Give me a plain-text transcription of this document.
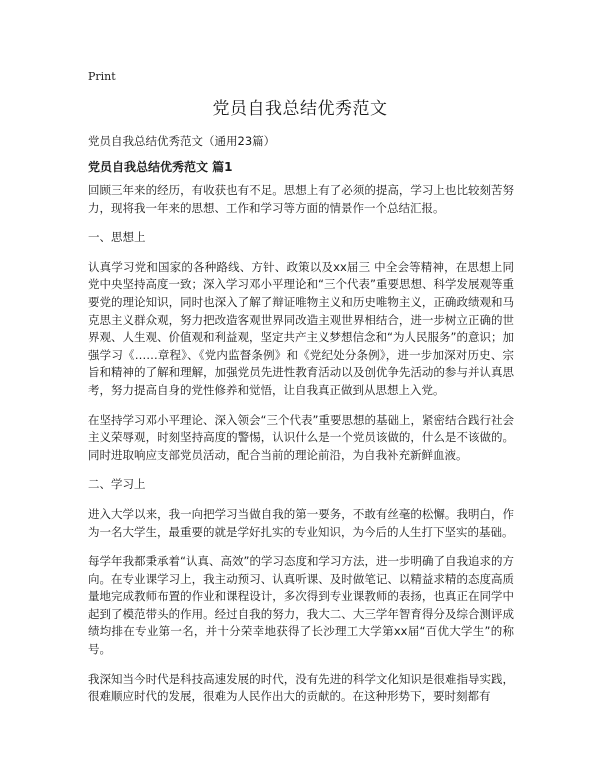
Print
党员自我总结优秀范文

党员自我总结优秀范文（通用23篇）

党员自我总结优秀范文 篇1

回顾三年来的经历，有收获也有不足。思想上有了必须的提高，学习上也比较刻苦努力，现将我一年来的思想、工作和学习等方面的情景作一个总结汇报。

一、思想上

认真学习党和国家的各种路线、方针、政策以及xx届三 中全会等精神，在思想上同党中央坚持高度一致；深入学习邓小平理论和“三个代表”重要思想、科学发展观等重要党的理论知识，同时也深入了解了辩证唯物主义和历史唯物主义，正确政绩观和马克思主义群众观，努力把改造客观世界同改造主观世界相结合，进一步树立正确的世界观、人生观、价值观和利益观，坚定共产主义梦想信念和“为人民服务”的意识；加强学习《……章程》、《党内监督条例》和《党纪处分条例》，进一步加深对历史、宗旨和精神的了解和理解，加强党员先进性教育活动以及创优争先活动的参与并认真思考，努力提高自身的党性修养和觉悟，让自我真正做到从思想上入党。

在坚持学习邓小平理论、深入领会“三个代表”重要思想的基础上，紧密结合践行社会主义荣辱观，时刻坚持高度的警惕，认识什么是一个党员该做的，什么是不该做的。同时进取响应支部党员活动，配合当前的理论前沿，为自我补充新鲜血液。

二、学习上

进入大学以来，我一向把学习当做自我的第一要务，不敢有丝毫的松懈。我明白，作为一名大学生，最重要的就是学好扎实的专业知识，为今后的人生打下坚实的基础。

每学年我都秉承着“认真、高效”的学习态度和学习方法，进一步明确了自我追求的方向。在专业课学习上，我主动预习、认真听课、及时做笔记、以精益求精的态度高质量地完成教师布置的作业和课程设计，多次得到专业课教师的表扬，也真正在同学中起到了模范带头的作用。经过自我的努力，我大二、大三学年智育得分及综合测评成绩均排在专业第一名，并十分荣幸地获得了长沙理工大学第xx届“百优大学生”的称号。

我深知当今时代是科技高速发展的时代，没有先进的科学文化知识是很难指导实践，很难顺应时代的发展，很难为人民作出大的贡献的。在这种形势下，要时刻都有
